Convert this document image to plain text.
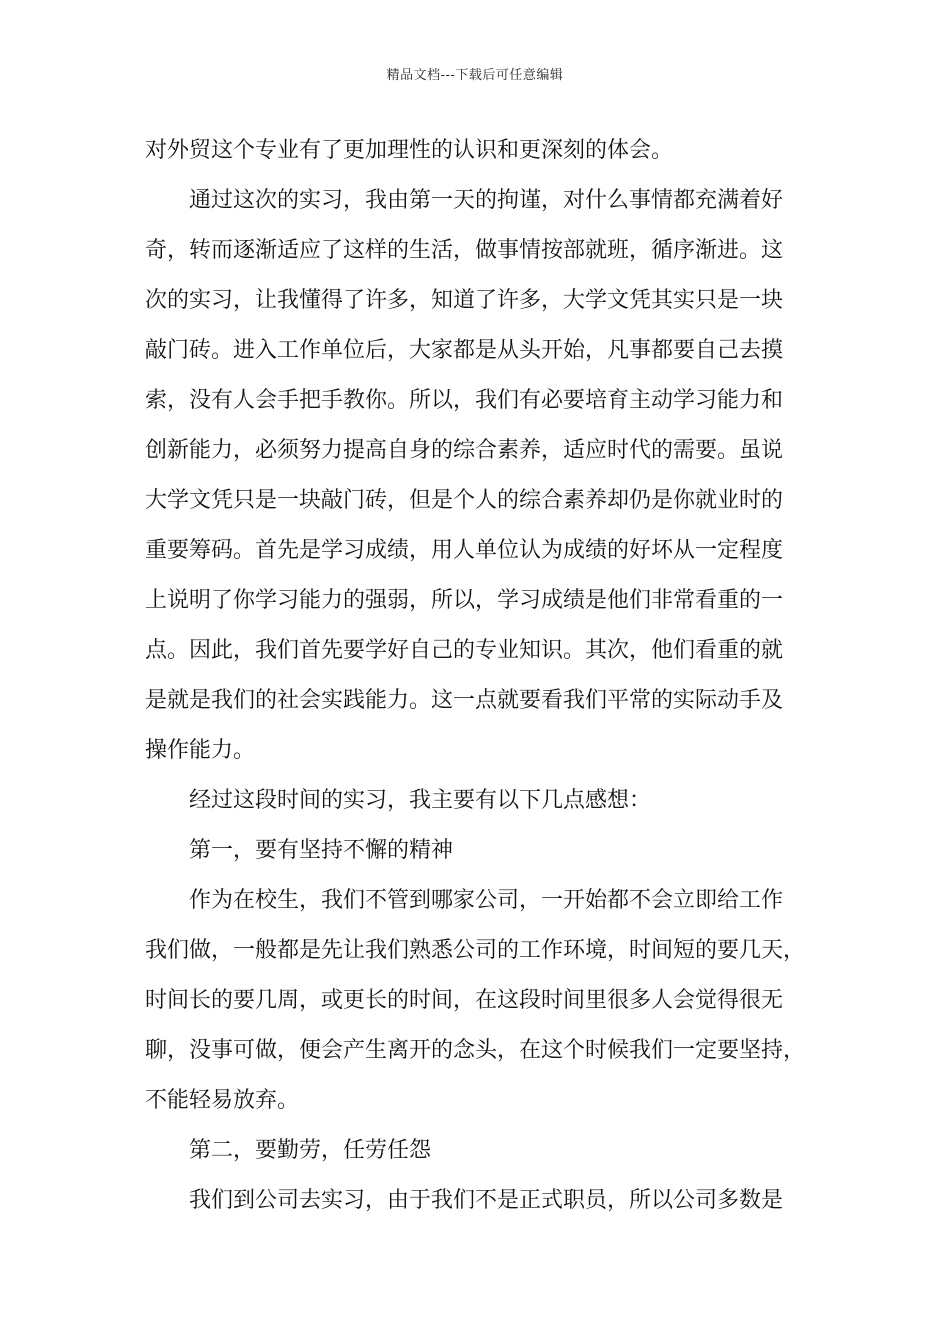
精品文档---下载后可任意编辑
对外贸这个专业有了更加理性的认识和更深刻的体会。
通过这次的实习，我由第一天的拘谨，对什么事情都充满着好
奇，转而逐渐适应了这样的生活，做事情按部就班，循序渐进。这
次的实习，让我懂得了许多，知道了许多，大学文凭其实只是一块
敲门砖。进入工作单位后，大家都是从头开始，凡事都要自己去摸
索，没有人会手把手教你。所以，我们有必要培育主动学习能力和
创新能力，必须努力提高自身的综合素养，适应时代的需要。虽说
大学文凭只是一块敲门砖，但是个人的综合素养却仍是你就业时的
重要筹码。首先是学习成绩，用人单位认为成绩的好坏从一定程度
上说明了你学习能力的强弱，所以，学习成绩是他们非常看重的一
点。因此，我们首先要学好自己的专业知识。其次，他们看重的就
是就是我们的社会实践能力。这一点就要看我们平常的实际动手及
操作能力。
经过这段时间的实习，我主要有以下几点感想：
第一，要有坚持不懈的精神
作为在校生，我们不管到哪家公司，一开始都不会立即给工作
我们做，一般都是先让我们熟悉公司的工作环境，时间短的要几天，
时间长的要几周，或更长的时间，在这段时间里很多人会觉得很无
聊，没事可做，便会产生离开的念头，在这个时候我们一定要坚持，
不能轻易放弃。
第二，要勤劳，任劳任怨
我们到公司去实习，由于我们不是正式职员，所以公司多数是
